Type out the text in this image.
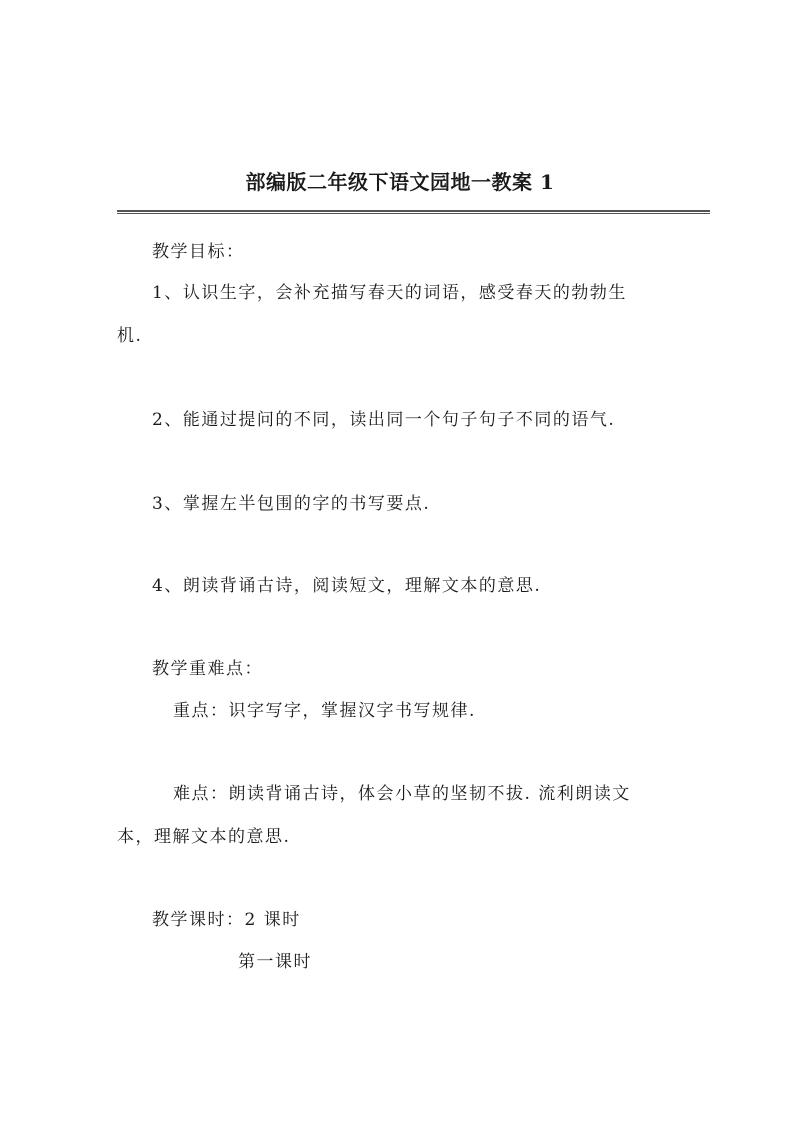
部编版二年级下语文园地一教案 1

教学目标：

1、认识生字，会补充描写春天的词语，感受春天的勃勃生

机.

2、能通过提问的不同，读出同一个句子句子不同的语气.

3、掌握左半包围的字的书写要点.

4、朗读背诵古诗，阅读短文，理解文本的意思.

教学重难点：

重点：识字写字，掌握汉字书写规律.

难点：朗读背诵古诗，体会小草的坚韧不拔. 流利朗读文

本，理解文本的意思.

教学课时：2 课时

第一课时
